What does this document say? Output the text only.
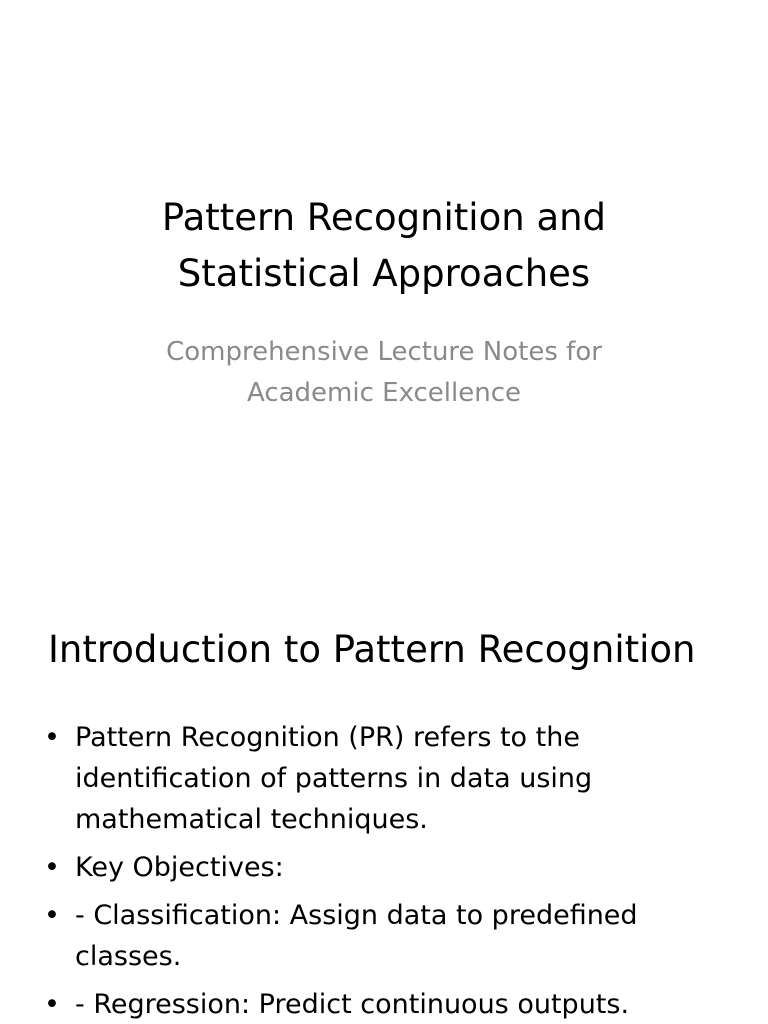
Pattern Recognition and
Statistical Approaches
Comprehensive Lecture Notes for
Academic Excellence
Introduction to Pattern Recognition
• Pattern Recognition (PR) refers to the identification of patterns in data using mathematical techniques.
• Key Objectives:
• - Classification: Assign data to predefined classes.
• - Regression: Predict continuous outputs.
